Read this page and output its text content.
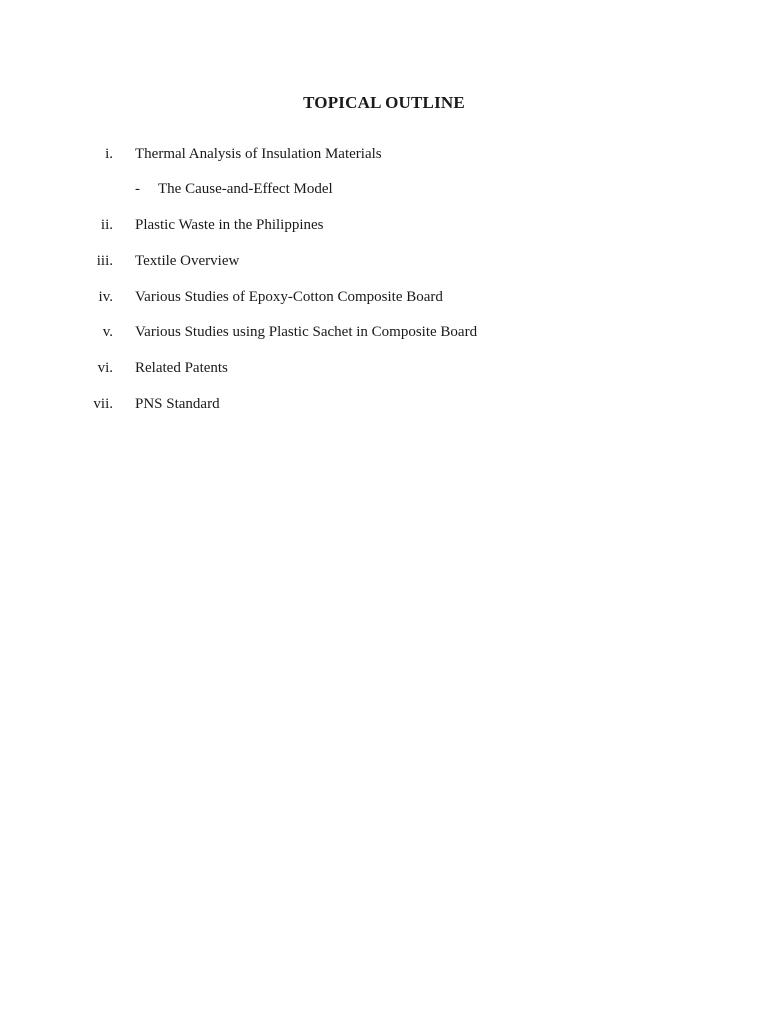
TOPICAL OUTLINE
i. Thermal Analysis of Insulation Materials
- The Cause-and-Effect Model
ii. Plastic Waste in the Philippines
iii. Textile Overview
iv. Various Studies of Epoxy-Cotton Composite Board
v. Various Studies using Plastic Sachet in Composite Board
vi. Related Patents
vii. PNS Standard
